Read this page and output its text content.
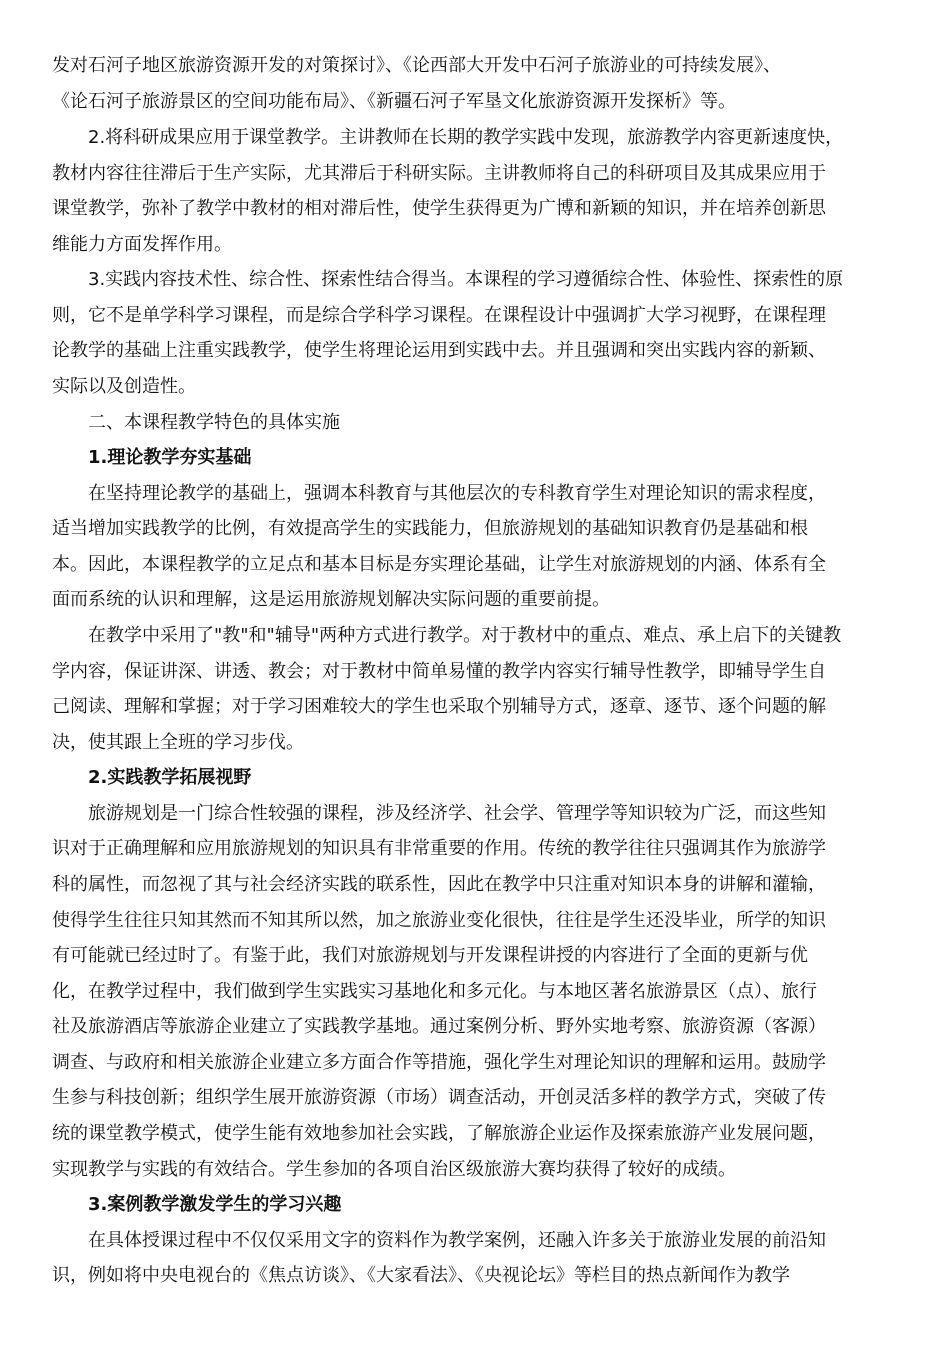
发对石河子地区旅游资源开发的对策探讨》、《论西部大开发中石河子旅游业的可持续发展》、
《论石河子旅游景区的空间功能布局》、《新疆石河子军垦文化旅游资源开发探析》等。
2.将科研成果应用于课堂教学。主讲教师在长期的教学实践中发现，旅游教学内容更新速度快，
教材内容往往滞后于生产实际，尤其滞后于科研实际。主讲教师将自己的科研项目及其成果应用于
课堂教学，弥补了教学中教材的相对滞后性，使学生获得更为广博和新颖的知识，并在培养创新思
维能力方面发挥作用。
3.实践内容技术性、综合性、探索性结合得当。本课程的学习遵循综合性、体验性、探索性的原
则，它不是单学科学习课程，而是综合学科学习课程。在课程设计中强调扩大学习视野，在课程理
论教学的基础上注重实践教学，使学生将理论运用到实践中去。并且强调和突出实践内容的新颖、
实际以及创造性。
二、本课程教学特色的具体实施
1.理论教学夯实基础
在坚持理论教学的基础上，强调本科教育与其他层次的专科教育学生对理论知识的需求程度，
适当增加实践教学的比例，有效提高学生的实践能力，但旅游规划的基础知识教育仍是基础和根
本。因此，本课程教学的立足点和基本目标是夯实理论基础，让学生对旅游规划的内涵、体系有全
面而系统的认识和理解，这是运用旅游规划解决实际问题的重要前提。
在教学中采用了"教"和"辅导"两种方式进行教学。对于教材中的重点、难点、承上启下的关键教
学内容，保证讲深、讲透、教会；对于教材中简单易懂的教学内容实行辅导性教学，即辅导学生自
己阅读、理解和掌握；对于学习困难较大的学生也采取个别辅导方式，逐章、逐节、逐个问题的解
决，使其跟上全班的学习步伐。
2.实践教学拓展视野
旅游规划是一门综合性较强的课程，涉及经济学、社会学、管理学等知识较为广泛，而这些知
识对于正确理解和应用旅游规划的知识具有非常重要的作用。传统的教学往往只强调其作为旅游学
科的属性，而忽视了其与社会经济实践的联系性，因此在教学中只注重对知识本身的讲解和灌输，
使得学生往往只知其然而不知其所以然，加之旅游业变化很快，往往是学生还没毕业，所学的知识
有可能就已经过时了。有鉴于此，我们对旅游规划与开发课程讲授的内容进行了全面的更新与优
化，在教学过程中，我们做到学生实践实习基地化和多元化。与本地区著名旅游景区（点）、旅行
社及旅游酒店等旅游企业建立了实践教学基地。通过案例分析、野外实地考察、旅游资源（客源）
调查、与政府和相关旅游企业建立多方面合作等措施，强化学生对理论知识的理解和运用。鼓励学
生参与科技创新；组织学生展开旅游资源（市场）调查活动，开创灵活多样的教学方式，突破了传
统的课堂教学模式，使学生能有效地参加社会实践，了解旅游企业运作及探索旅游产业发展问题，
实现教学与实践的有效结合。学生参加的各项自治区级旅游大赛均获得了较好的成绩。
3.案例教学激发学生的学习兴趣
在具体授课过程中不仅仅采用文字的资料作为教学案例，还融入许多关于旅游业发展的前沿知
识，例如将中央电视台的《焦点访谈》、《大家看法》、《央视论坛》等栏目的热点新闻作为教学
